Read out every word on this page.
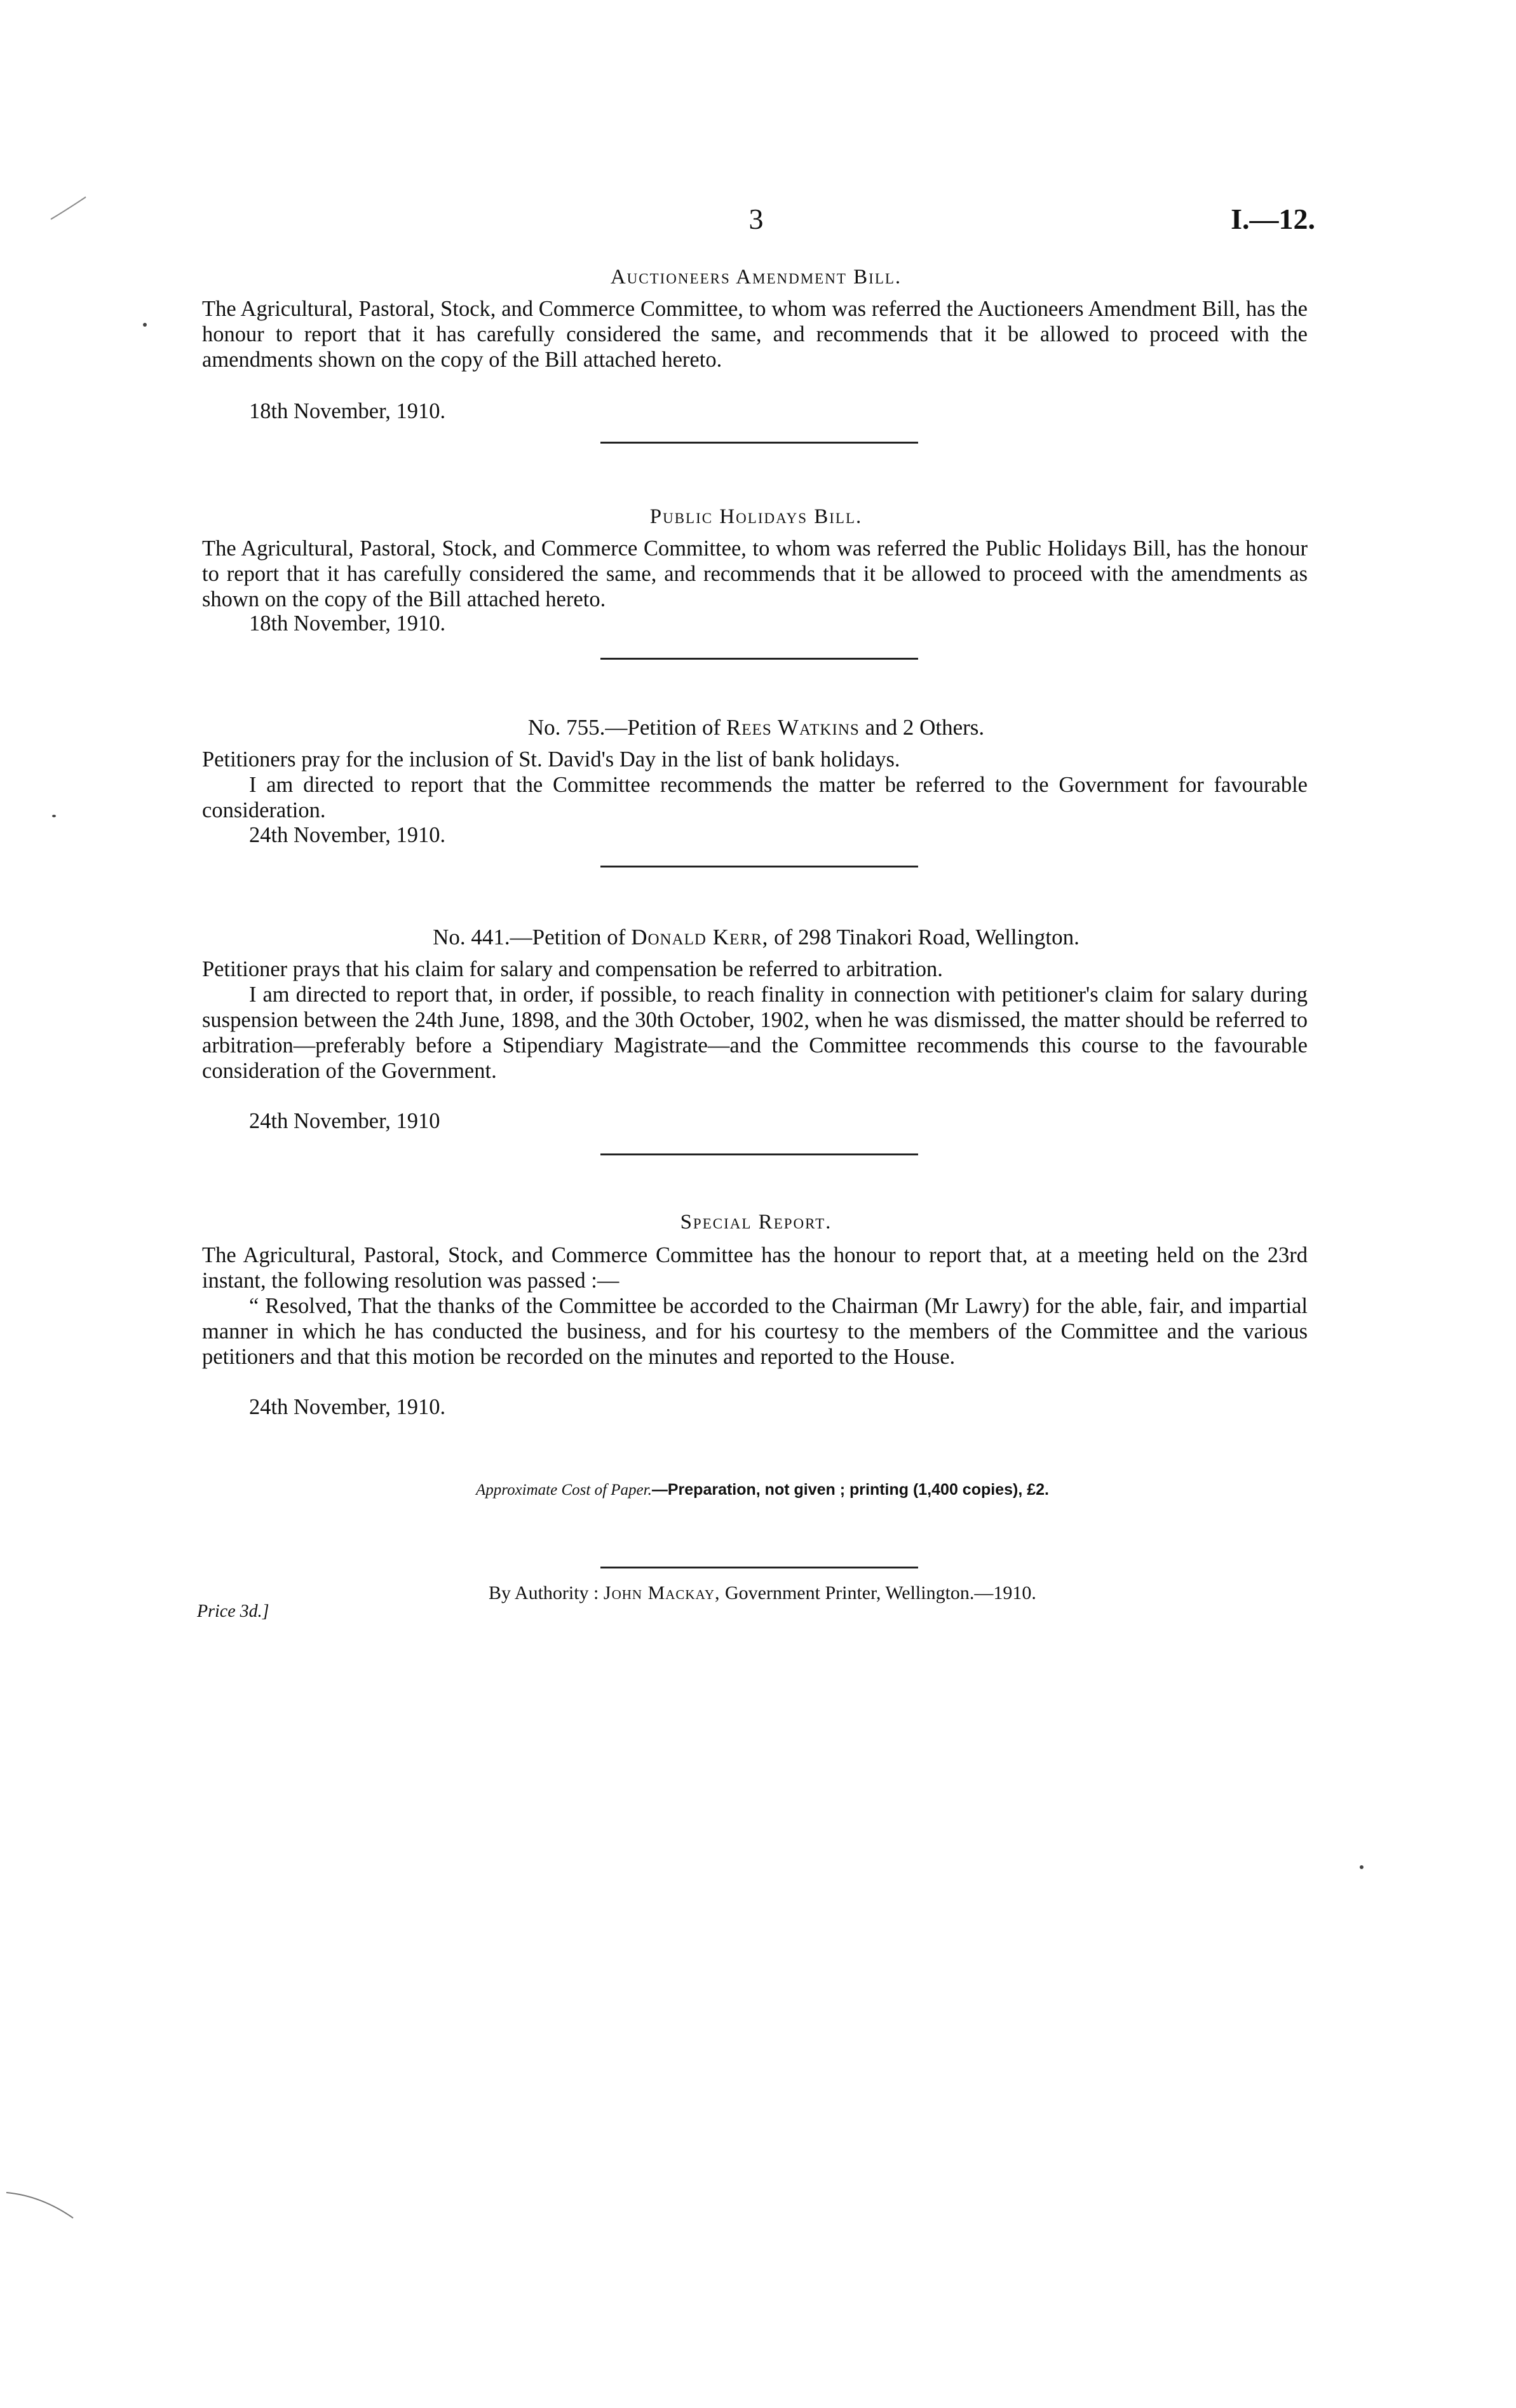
3	I.—12.
Auctioneers Amendment Bill.
The Agricultural, Pastoral, Stock, and Commerce Committee, to whom was referred the Auctioneers Amendment Bill, has the honour to report that it has carefully considered the same, and recommends that it be allowed to proceed with the amendments shown on the copy of the Bill attached hereto.
18th November, 1910.
Public Holidays Bill.
The Agricultural, Pastoral, Stock, and Commerce Committee, to whom was referred the Public Holidays Bill, has the honour to report that it has carefully considered the same, and recommends that it be allowed to proceed with the amendments as shown on the copy of the Bill attached hereto.
18th November, 1910.
No. 755.—Petition of Rees Watkins and 2 Others.
Petitioners pray for the inclusion of St. David's Day in the list of bank holidays.
I am directed to report that the Committee recommends the matter be referred to the Government for favourable consideration.
24th November, 1910.
No. 441.—Petition of Donald Kerr, of 298 Tinakori Road, Wellington.
Petitioner prays that his claim for salary and compensation be referred to arbitration.
I am directed to report that, in order, if possible, to reach finality in connection with petitioner's claim for salary during suspension between the 24th June, 1898, and the 30th October, 1902, when he was dismissed, the matter should be referred to arbitration—preferably before a Stipendiary Magistrate—and the Committee recommends this course to the favourable consideration of the Government.
24th November, 1910
Special Report.
The Agricultural, Pastoral, Stock, and Commerce Committee has the honour to report that, at a meeting held on the 23rd instant, the following resolution was passed :—
“ Resolved, That the thanks of the Committee be accorded to the Chairman (Mr Lawry) for the able, fair, and impartial manner in which he has conducted the business, and for his courtesy to the members of the Committee and the various petitioners and that this motion be recorded on the minutes and reported to the House.
24th November, 1910.
Approximate Cost of Paper.—Preparation, not given ; printing (1,400 copies), £2.
Price 3d.]
By Authority : John Mackay, Government Printer, Wellington.—1910.
